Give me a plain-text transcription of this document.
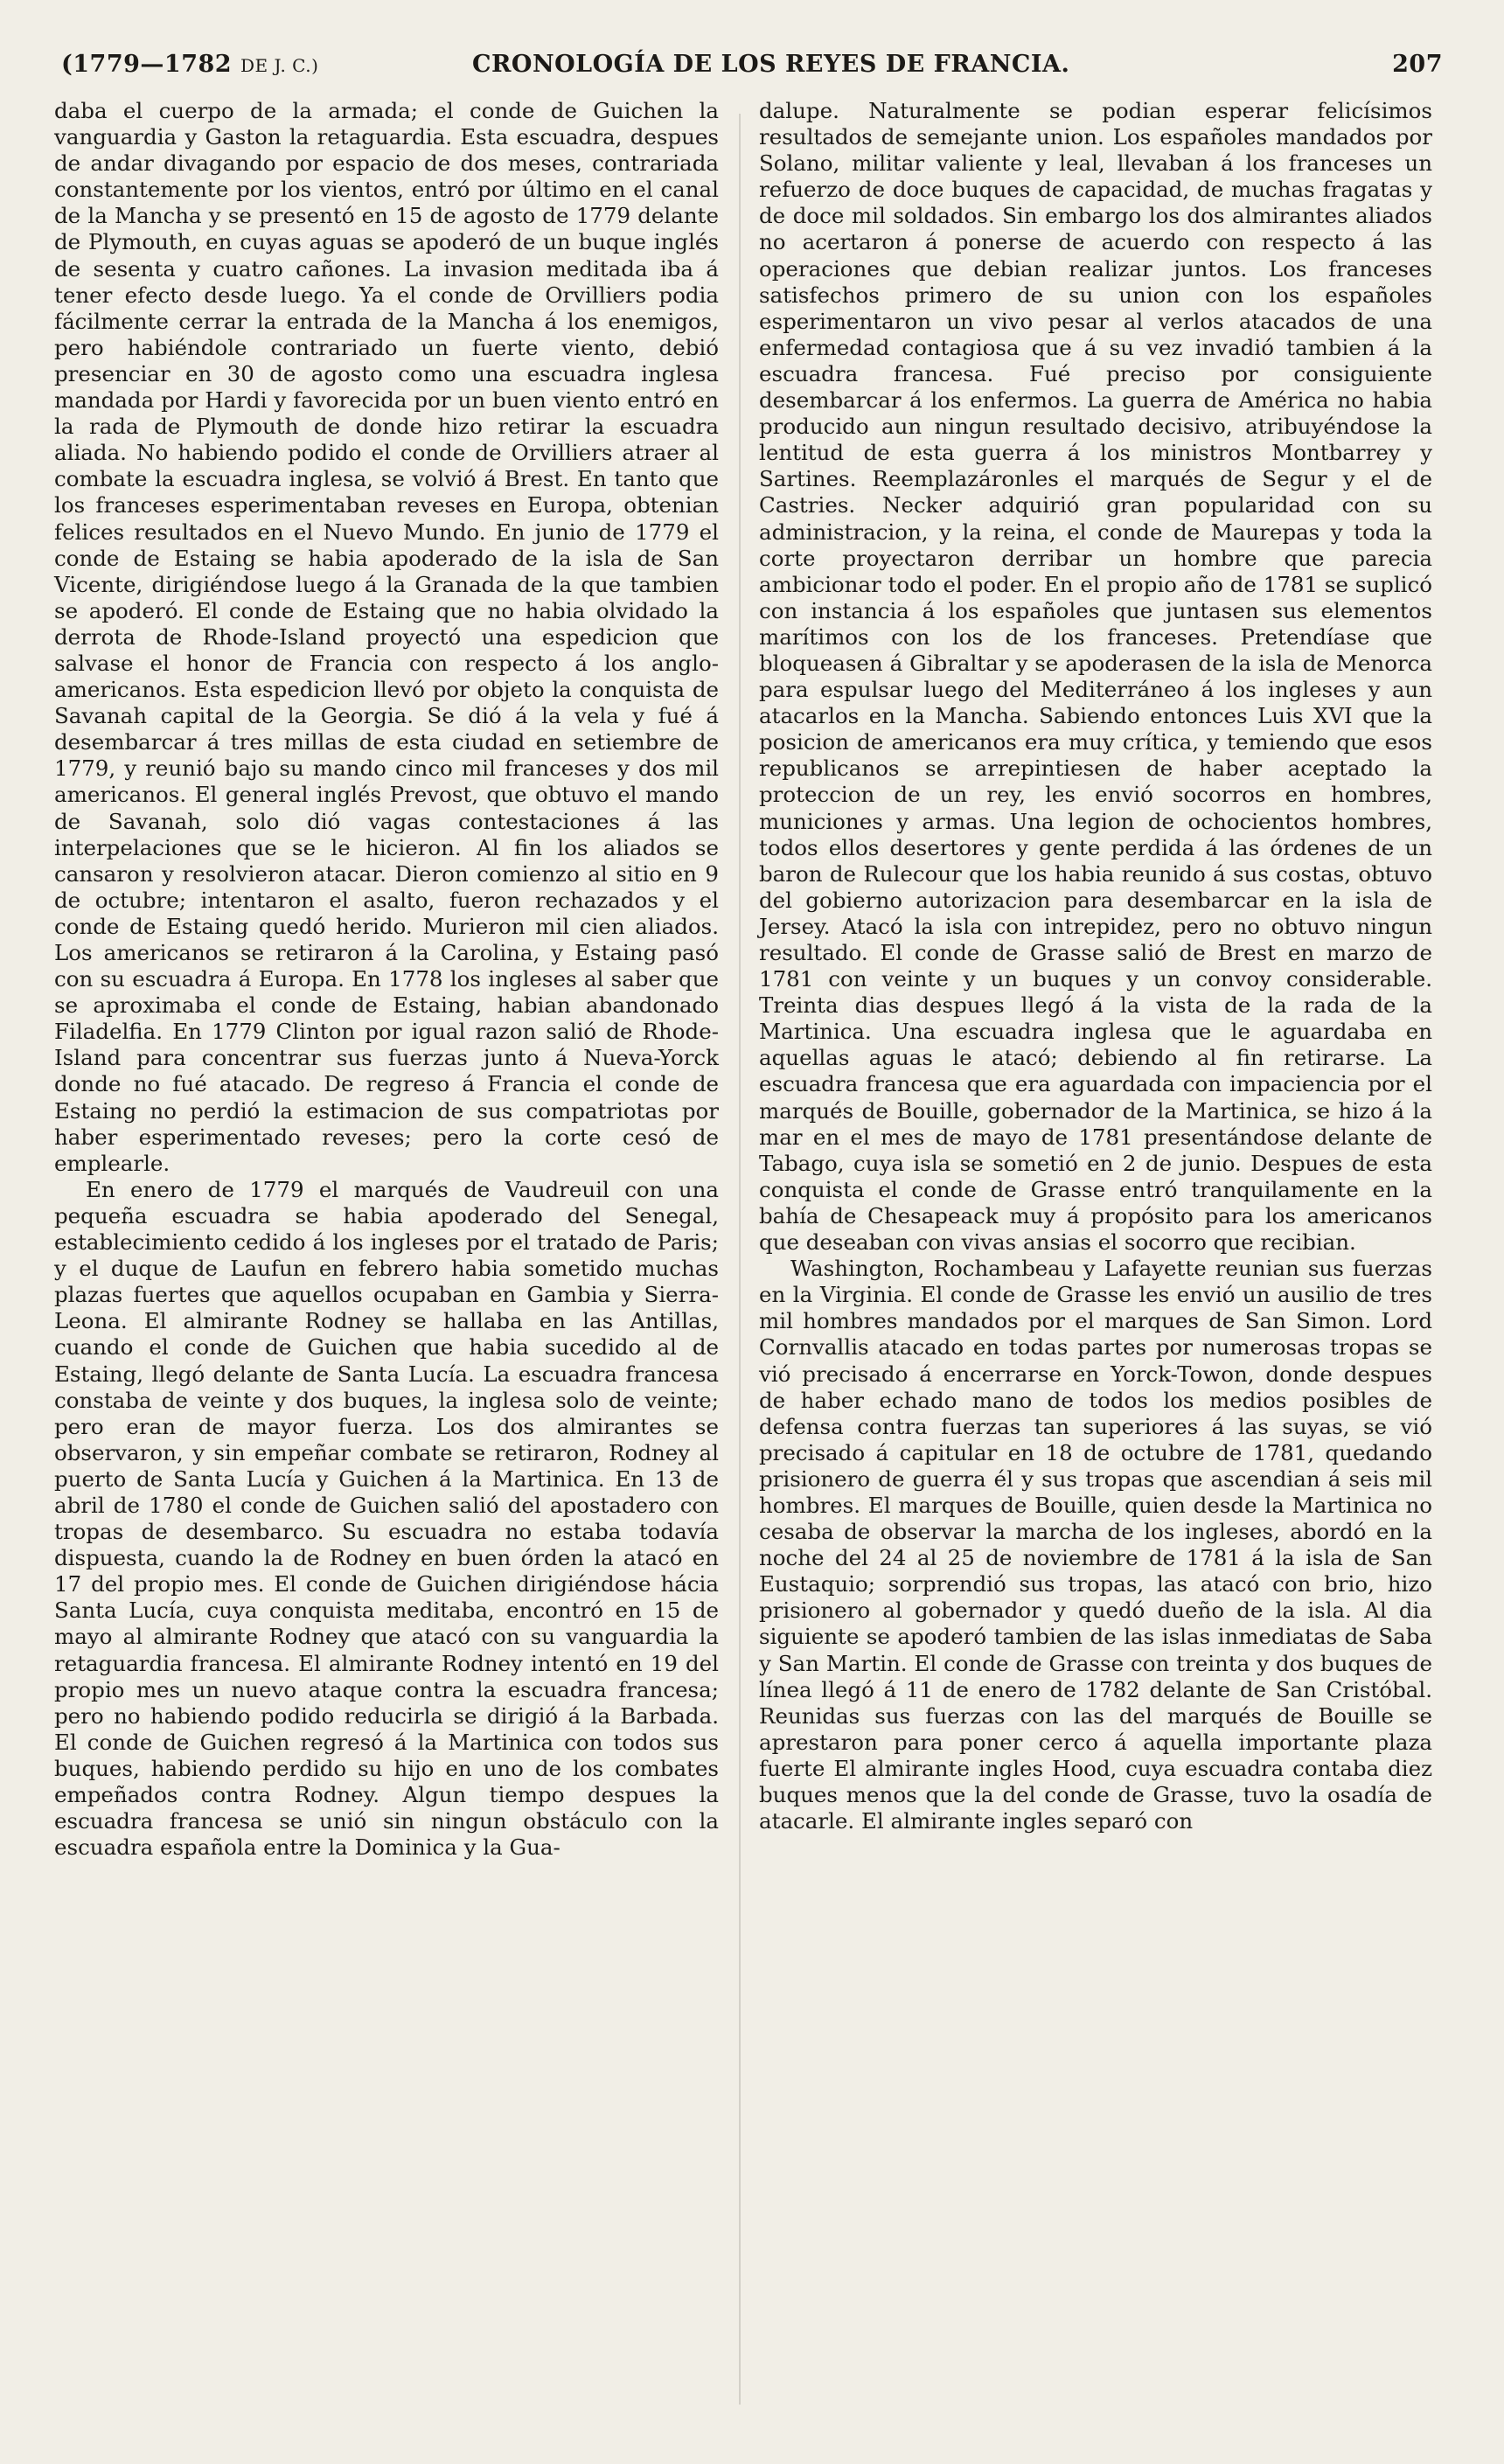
(1779—1782 DE J. C.)	CRONOLOGÍA DE LOS REYES DE FRANCIA.	207

daba el cuerpo de la armada; el conde de Guichen la vanguardia y Gaston la retaguardia. Esta escuadra, despues de andar divagando por espacio de dos meses, contrariada constantemente por los vientos, entró por último en el canal de la Mancha y se presentó en 15 de agosto de 1779 delante de Plymouth, en cuyas aguas se apoderó de un buque inglés de sesenta y cuatro cañones. La invasion meditada iba á tener efecto desde luego. Ya el conde de Orvilliers podia fácilmente cerrar la entrada de la Mancha á los enemigos, pero habiéndole contrariado un fuerte viento, debió presenciar en 30 de agosto como una escuadra inglesa mandada por Hardi y favorecida por un buen viento entró en la rada de Plymouth de donde hizo retirar la escuadra aliada. No habiendo podido el conde de Orvilliers atraer al combate la escuadra inglesa, se volvió á Brest. En tanto que los franceses esperimentaban reveses en Europa, obtenian felices resultados en el Nuevo Mundo. En junio de 1779 el conde de Estaing se habia apoderado de la isla de San Vicente, dirigiéndose luego á la Granada de la que tambien se apoderó. El conde de Estaing que no habia olvidado la derrota de Rhode-Island proyectó una espedicion que salvase el honor de Francia con respecto á los anglo-americanos. Esta espedicion llevó por objeto la conquista de Savanah capital de la Georgia. Se dió á la vela y fué á desembarcar á tres millas de esta ciudad en setiembre de 1779, y reunió bajo su mando cinco mil franceses y dos mil americanos. El general inglés Prevost, que obtuvo el mando de Savanah, solo dió vagas contestaciones á las interpelaciones que se le hicieron. Al fin los aliados se cansaron y resolvieron atacar. Dieron comienzo al sitio en 9 de octubre; intentaron el asalto, fueron rechazados y el conde de Estaing quedó herido. Murieron mil cien aliados. Los americanos se retiraron á la Carolina, y Estaing pasó con su escuadra á Europa. En 1778 los ingleses al saber que se aproximaba el conde de Estaing, habian abandonado Filadelfia. En 1779 Clinton por igual razon salió de Rhode-Island para concentrar sus fuerzas junto á Nueva-Yorck donde no fué atacado. De regreso á Francia el conde de Estaing no perdió la estimacion de sus compatriotas por haber esperimentado reveses; pero la corte cesó de emplearle.

En enero de 1779 el marqués de Vaudreuil con una pequeña escuadra se habia apoderado del Senegal, establecimiento cedido á los ingleses por el tratado de Paris; y el duque de Laufun en febrero habia sometido muchas plazas fuertes que aquellos ocupaban en Gambia y Sierra-Leona. El almirante Rodney se hallaba en las Antillas, cuando el conde de Guichen que habia sucedido al de Estaing, llegó delante de Santa Lucía. La escuadra francesa constaba de veinte y dos buques, la inglesa solo de veinte; pero eran de mayor fuerza. Los dos almirantes se observaron, y sin empeñar combate se retiraron, Rodney al puerto de Santa Lucía y Guichen á la Martinica. En 13 de abril de 1780 el conde de Guichen salió del apostadero con tropas de desembarco. Su escuadra no estaba todavía dispuesta, cuando la de Rodney en buen órden la atacó en 17 del propio mes. El conde de Guichen dirigiéndose hácia Santa Lucía, cuya conquista meditaba, encontró en 15 de mayo al almirante Rodney que atacó con su vanguardia la retaguardia francesa. El almirante Rodney intentó en 19 del propio mes un nuevo ataque contra la escuadra francesa; pero no habiendo podido reducirla se dirigió á la Barbada. El conde de Guichen regresó á la Martinica con todos sus buques, habiendo perdido su hijo en uno de los combates empeñados contra Rodney. Algun tiempo despues la escuadra francesa se unió sin ningun obstáculo con la escuadra española entre la Dominica y la Gua-

dalupe. Naturalmente se podian esperar felicísimos resultados de semejante union. Los españoles mandados por Solano, militar valiente y leal, llevaban á los franceses un refuerzo de doce buques de capacidad, de muchas fragatas y de doce mil soldados. Sin embargo los dos almirantes aliados no acertaron á ponerse de acuerdo con respecto á las operaciones que debian realizar juntos. Los franceses satisfechos primero de su union con los españoles esperimentaron un vivo pesar al verlos atacados de una enfermedad contagiosa que á su vez invadió tambien á la escuadra francesa. Fué preciso por consiguiente desembarcar á los enfermos. La guerra de América no habia producido aun ningun resultado decisivo, atribuyéndose la lentitud de esta guerra á los ministros Montbarrey y Sartines. Reemplazáronles el marqués de Segur y el de Castries. Necker adquirió gran popularidad con su administracion, y la reina, el conde de Maurepas y toda la corte proyectaron derribar un hombre que parecia ambicionar todo el poder. En el propio año de 1781 se suplicó con instancia á los españoles que juntasen sus elementos marítimos con los de los franceses. Pretendíase que bloqueasen á Gibraltar y se apoderasen de la isla de Menorca para espulsar luego del Mediterráneo á los ingleses y aun atacarlos en la Mancha. Sabiendo entonces Luis XVI que la posicion de americanos era muy crítica, y temiendo que esos republicanos se arrepintiesen de haber aceptado la proteccion de un rey, les envió socorros en hombres, municiones y armas. Una legion de ochocientos hombres, todos ellos desertores y gente perdida á las órdenes de un baron de Rulecour que los habia reunido á sus costas, obtuvo del gobierno autorizacion para desembarcar en la isla de Jersey. Atacó la isla con intrepidez, pero no obtuvo ningun resultado. El conde de Grasse salió de Brest en marzo de 1781 con veinte y un buques y un convoy considerable. Treinta dias despues llegó á la vista de la rada de la Martinica. Una escuadra inglesa que le aguardaba en aquellas aguas le atacó; debiendo al fin retirarse. La escuadra francesa que era aguardada con impaciencia por el marqués de Bouille, gobernador de la Martinica, se hizo á la mar en el mes de mayo de 1781 presentándose delante de Tabago, cuya isla se sometió en 2 de junio. Despues de esta conquista el conde de Grasse entró tranquilamente en la bahía de Chesapeack muy á propósito para los americanos que deseaban con vivas ansias el socorro que recibian.

Washington, Rochambeau y Lafayette reunian sus fuerzas en la Virginia. El conde de Grasse les envió un ausilio de tres mil hombres mandados por el marques de San Simon. Lord Cornvallis atacado en todas partes por numerosas tropas se vió precisado á encerrarse en Yorck-Towon, donde despues de haber echado mano de todos los medios posibles de defensa contra fuerzas tan superiores á las suyas, se vió precisado á capitular en 18 de octubre de 1781, quedando prisionero de guerra él y sus tropas que ascendian á seis mil hombres. El marques de Bouille, quien desde la Martinica no cesaba de observar la marcha de los ingleses, abordó en la noche del 24 al 25 de noviembre de 1781 á la isla de San Eustaquio; sorprendió sus tropas, las atacó con brio, hizo prisionero al gobernador y quedó dueño de la isla. Al dia siguiente se apoderó tambien de las islas inmediatas de Saba y San Martin. El conde de Grasse con treinta y dos buques de línea llegó á 11 de enero de 1782 delante de San Cristóbal. Reunidas sus fuerzas con las del marqués de Bouille se aprestaron para poner cerco á aquella importante plaza fuerte El almirante ingles Hood, cuya escuadra contaba diez buques menos que la del conde de Grasse, tuvo la osadía de atacarle. El almirante ingles separó con
